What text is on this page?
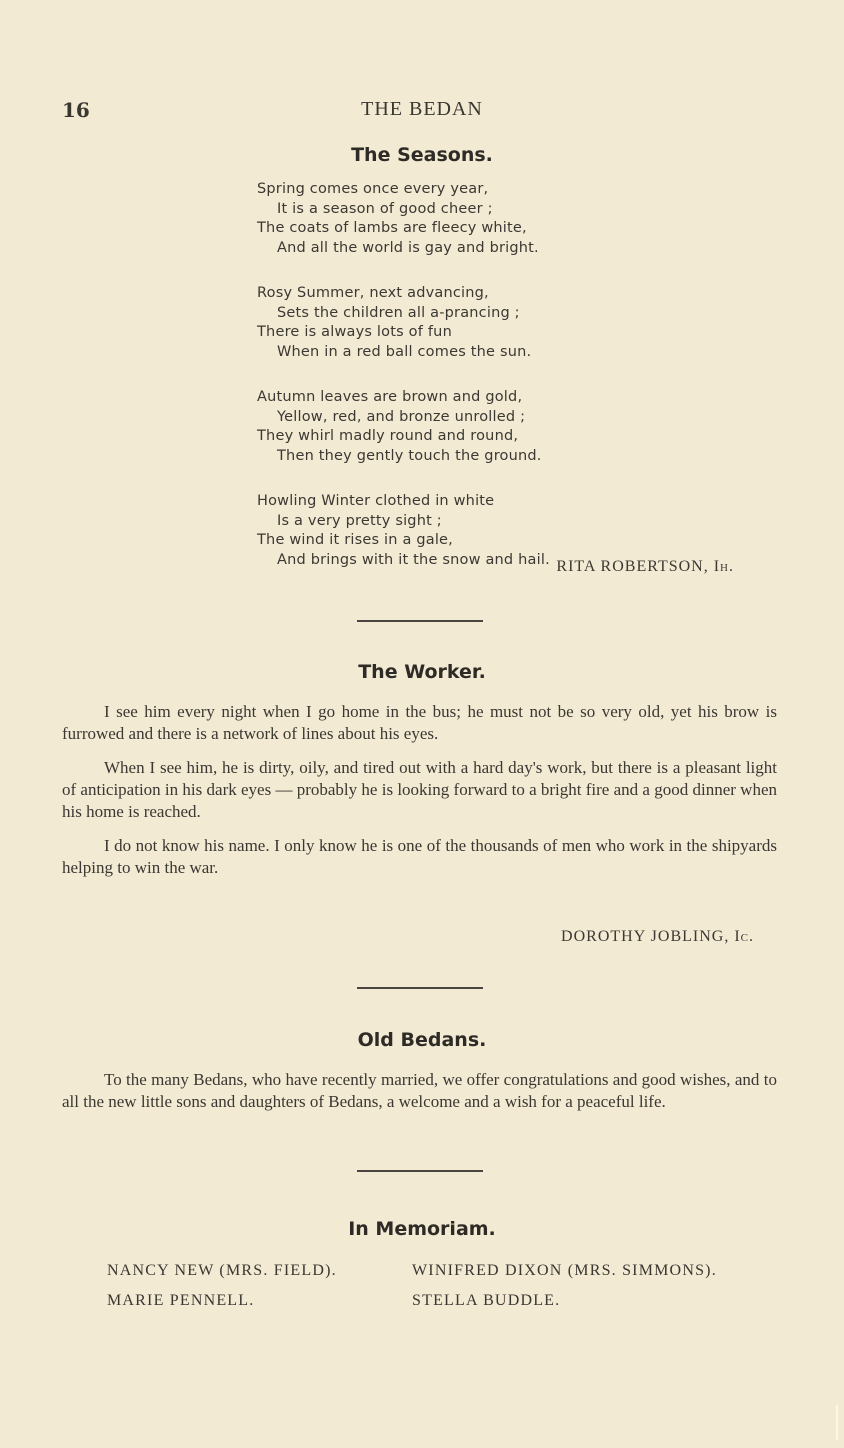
16	THE BEDAN
The Seasons.
Spring comes once every year,
It is a season of good cheer ;
The coats of lambs are fleecy white,
And all the world is gay and bright.
Rosy Summer, next advancing,
Sets the children all a-prancing ;
There is always lots of fun
When in a red ball comes the sun.
Autumn leaves are brown and gold,
Yellow, red, and bronze unrolled ;
They whirl madly round and round,
Then they gently touch the ground.
Howling Winter clothed in white
Is a very pretty sight ;
The wind it rises in a gale,
And brings with it the snow and hail. RITA ROBERTSON, Ih.
The Worker.

I see him every night when I go home in the bus; he must not be so very old, yet his brow is furrowed and there is a network of lines about his eyes.

When I see him, he is dirty, oily, and tired out with a hard day's work, but there is a pleasant light of anticipation in his dark eyes — probably he is looking forward to a bright fire and a good dinner when his home is reached.

I do not know his name. I only know he is one of the thousands of men who work in the shipyards helping to win the war.

DOROTHY JOBLING, Ic.
Old Bedans.

To the many Bedans, who have recently married, we offer congratulations and good wishes, and to all the new little sons and daughters of Bedans, a welcome and a wish for a peaceful life.

In Memoriam.
NANCY NEW (MRS. FIELD).	WINIFRED DIXON (MRS. SIMMONS).
MARIE PENNELL.	STELLA BUDDLE.
